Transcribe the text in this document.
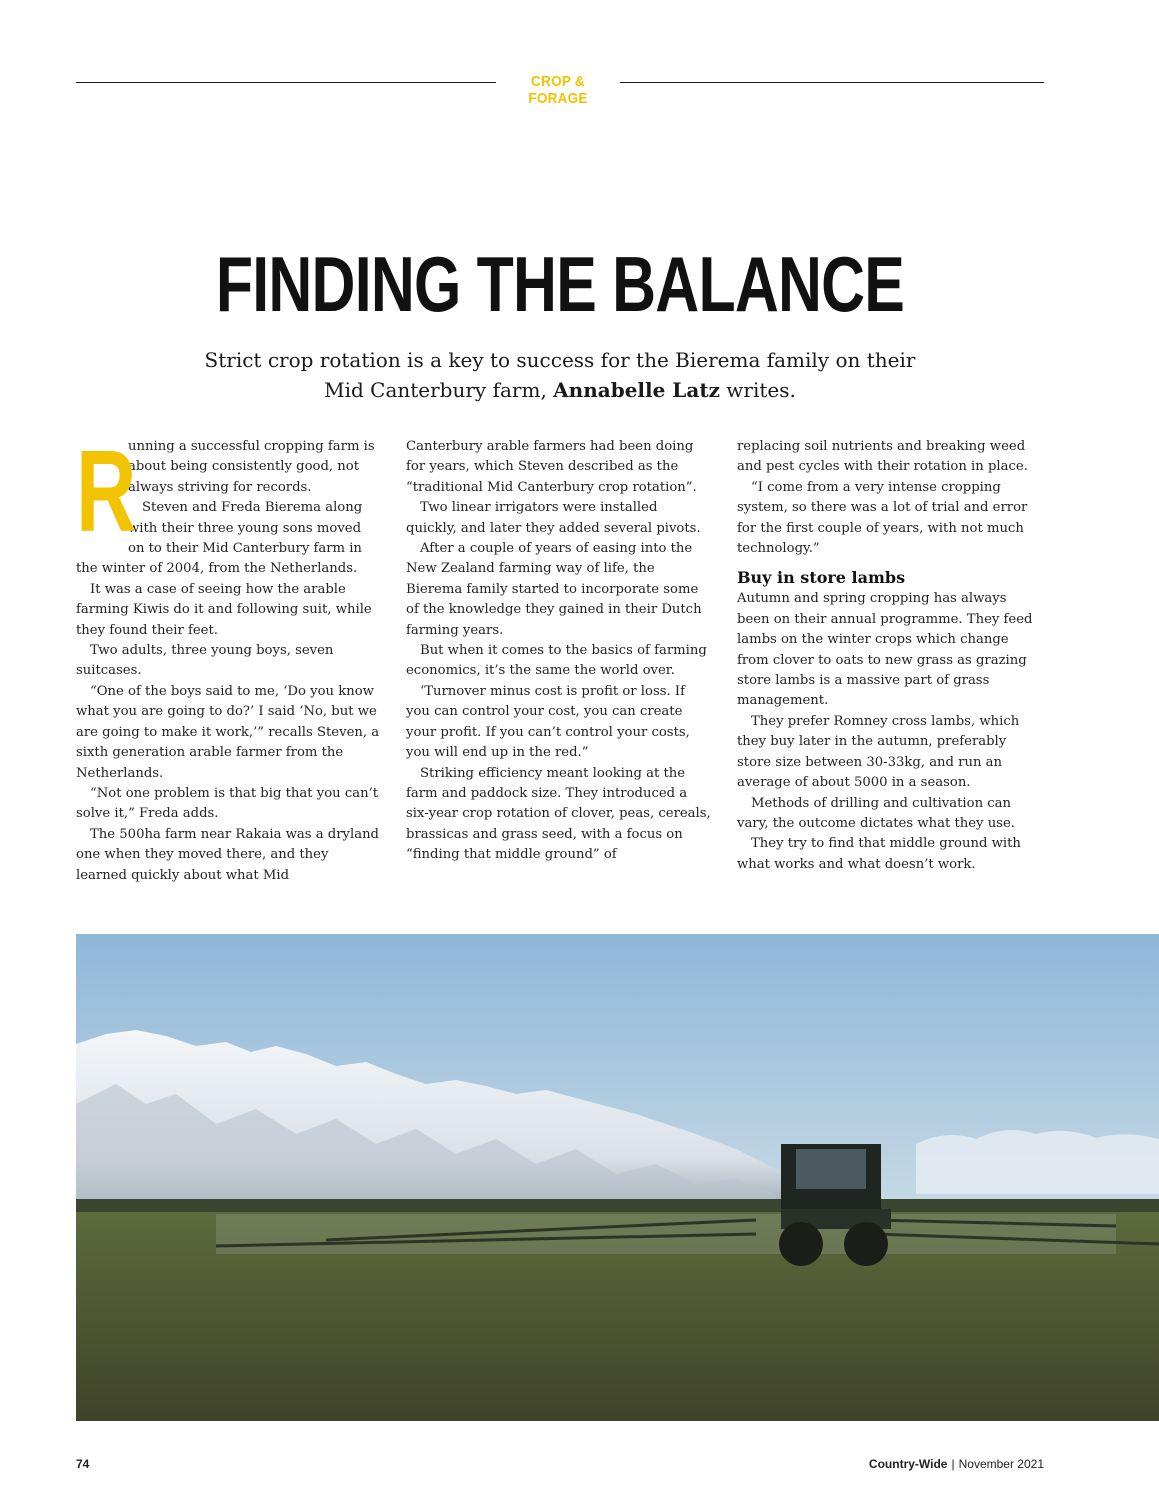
CROP & FORAGE
FINDING THE BALANCE
Strict crop rotation is a key to success for the Bierema family on their
Mid Canterbury farm, Annabelle Latz writes.
R

unning a successful cropping farm is about being consistently good, not always striving for records.

Steven and Freda Bierema along with their three young sons moved on to their Mid Canterbury farm in the winter of 2004, from the Netherlands.

It was a case of seeing how the arable farming Kiwis do it and following suit, while they found their feet.

Two adults, three young boys, seven suitcases.

“One of the boys said to me, ‘Do you know what you are going to do?’ I said ‘No, but we are going to make it work,’” recalls Steven, a sixth generation arable farmer from the Netherlands.

“Not one problem is that big that you can’t solve it,” Freda adds.

The 500ha farm near Rakaia was a dryland one when they moved there, and they learned quickly about what Mid

Canterbury arable farmers had been doing for years, which Steven described as the “traditional Mid Canterbury crop rotation”.

Two linear irrigators were installed quickly, and later they added several pivots.

After a couple of years of easing into the New Zealand farming way of life, the Bierema family started to incorporate some of the knowledge they gained in their Dutch farming years.

But when it comes to the basics of farming economics, it’s the same the world over.

‘Turnover minus cost is profit or loss. If you can control your cost, you can create your profit. If you can’t control your costs, you will end up in the red.”

Striking efficiency meant looking at the farm and paddock size. They introduced a six-year crop rotation of clover, peas, cereals, brassicas and grass seed, with a focus on “finding that middle ground” of

replacing soil nutrients and breaking weed and pest cycles with their rotation in place.

“I come from a very intense cropping system, so there was a lot of trial and error for the first couple of years, with not much technology.”

Buy in store lambs

Autumn and spring cropping has always been on their annual programme. They feed lambs on the winter crops which change from clover to oats to new grass as grazing store lambs is a massive part of grass management.

They prefer Romney cross lambs, which they buy later in the autumn, preferably store size between 30-33kg, and run an average of about 5000 in a season.

Methods of drilling and cultivation can vary, the outcome dictates what they use.

They try to find that middle ground with what works and what doesn’t work.

74	Country-Wide | November 2021
